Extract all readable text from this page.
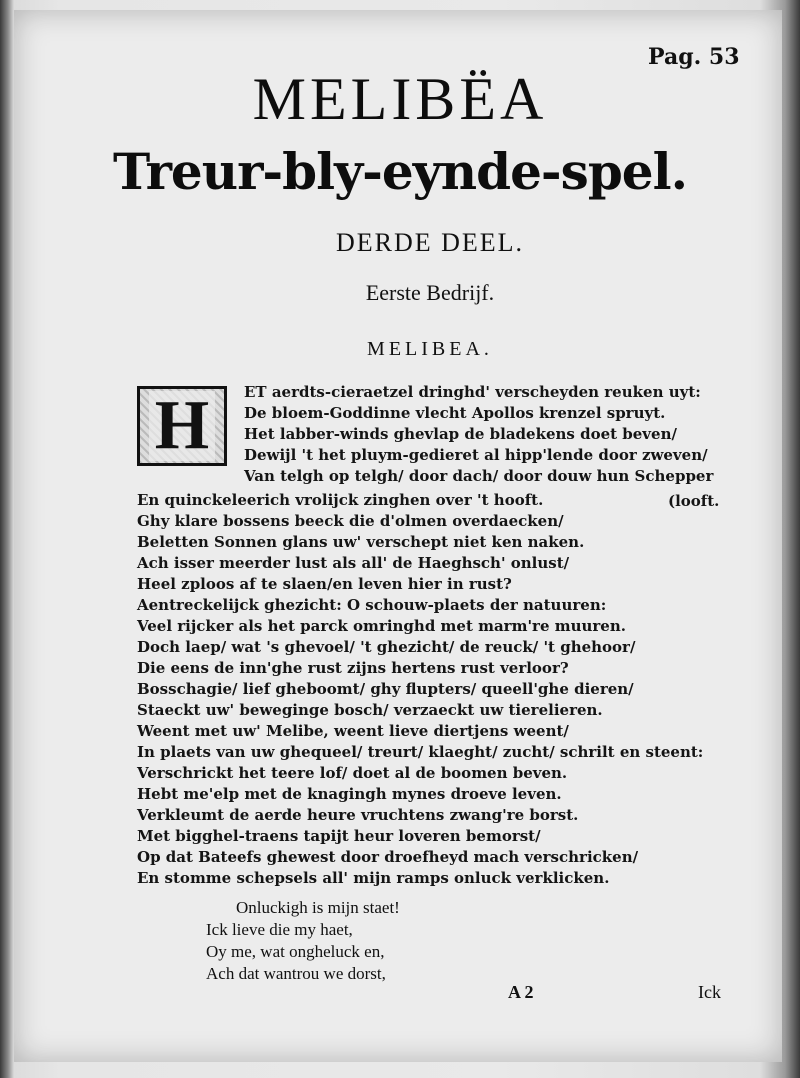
Pag. 53
MELIBËA
Treur-bly-eynde-spel.
DERDE DEEL.
Eerste Bedrijf.
MELIBEA.
H	ET aerdts-cieraetzel dringhd' verscheyden reuken uyt:
De bloem-Goddinne vlecht Apollos krenzel spruyt.
Het labber-winds ghevlap de bladekens doet beven/
Dewijl 't het pluym-gedieret al hipp'lende door zweven/
Van telgh op telgh/ door dach/ door douw hun Schepper
En quinckeleerich vrolijck zinghen over 't hooft.
Ghy klare bossens beeck die d'olmen overdaecken/
Beletten Sonnen glans uw' verschept niet ken naken.
Ach isser meerder lust als all' de Haeghsch' onlust/
Heel zploos af te slaen/en leven hier in rust?
Aentreckelijck ghezicht: O schouw-plaets der natuuren:
Veel rijcker als het parck omringhd met marm're muuren.
Doch laep/ wat 's ghevoel/ 't ghezicht/ de reuck/ 't ghehoor/
Die eens de inn'ghe rust zijns hertens rust verloor?
Bosschagie/ lief gheboomt/ ghy flupters/ queell'ghe dieren/
Staeckt uw' beweginge bosch/ verzaeckt uw tierelieren.
Weent met uw' Melibe, weent lieve diertjens weent/
In plaets van uw ghequeel/ treurt/ klaeght/ zucht/ schrilt en steent:
Verschrickt het teere lof/ doet al de boomen beven.
Hebt me'elp met de knagingh mynes droeve leven.
Verkleumt de aerde heure vruchtens zwang're borst.
Met bigghel-traens tapijt heur loveren bemorst/
Op dat Bateefs ghewest door droefheyd mach verschricken/
En stomme schepsels all' mijn ramps onluck verklicken.
(looft.
Onluckigh is mijn staet!
Ick lieve die my haet,
Oy me, wat ongheluck en,
Ach dat wantrou we dorst,
A 2	Ick
